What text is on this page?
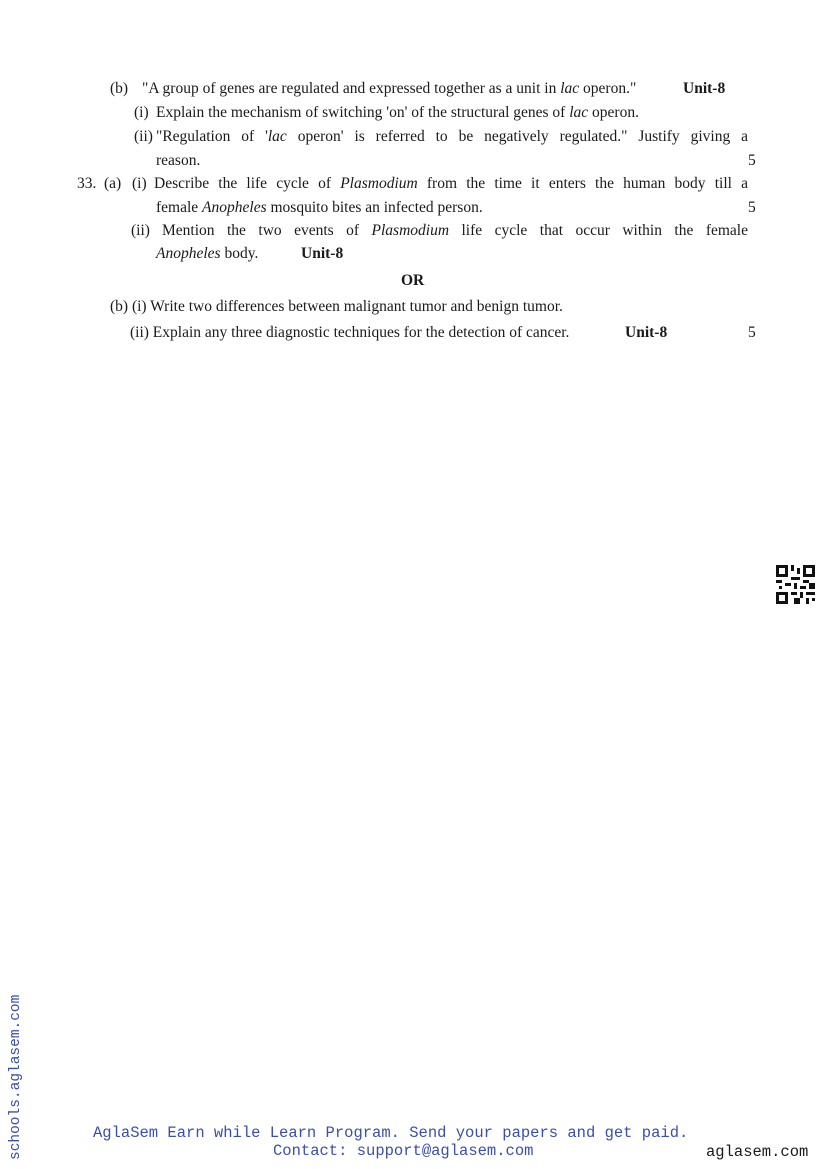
(b) "A group of genes are regulated and expressed together as a unit in lac operon."	Unit-8
(i) Explain the mechanism of switching 'on' of the structural genes of lac operon.
(ii) "Regulation of 'lac operon' is referred to be negatively regulated." Justify giving a
reason.	5
33. (a) (i) Describe the life cycle of Plasmodium from the time it enters the human body till a
female Anopheles mosquito bites an infected person.	5
(ii) Mention the two events of Plasmodium life cycle that occur within the female
Anopheles body.	Unit-8
OR
(b) (i) Write two differences between malignant tumor and benign tumor.
(ii) Explain any three diagnostic techniques for the detection of cancer.	Unit-8	5
schools.aglasem.com	AglaSem Earn while Learn Program. Send your papers and get paid.
Contact: support@aglasem.com	aglasem.com
